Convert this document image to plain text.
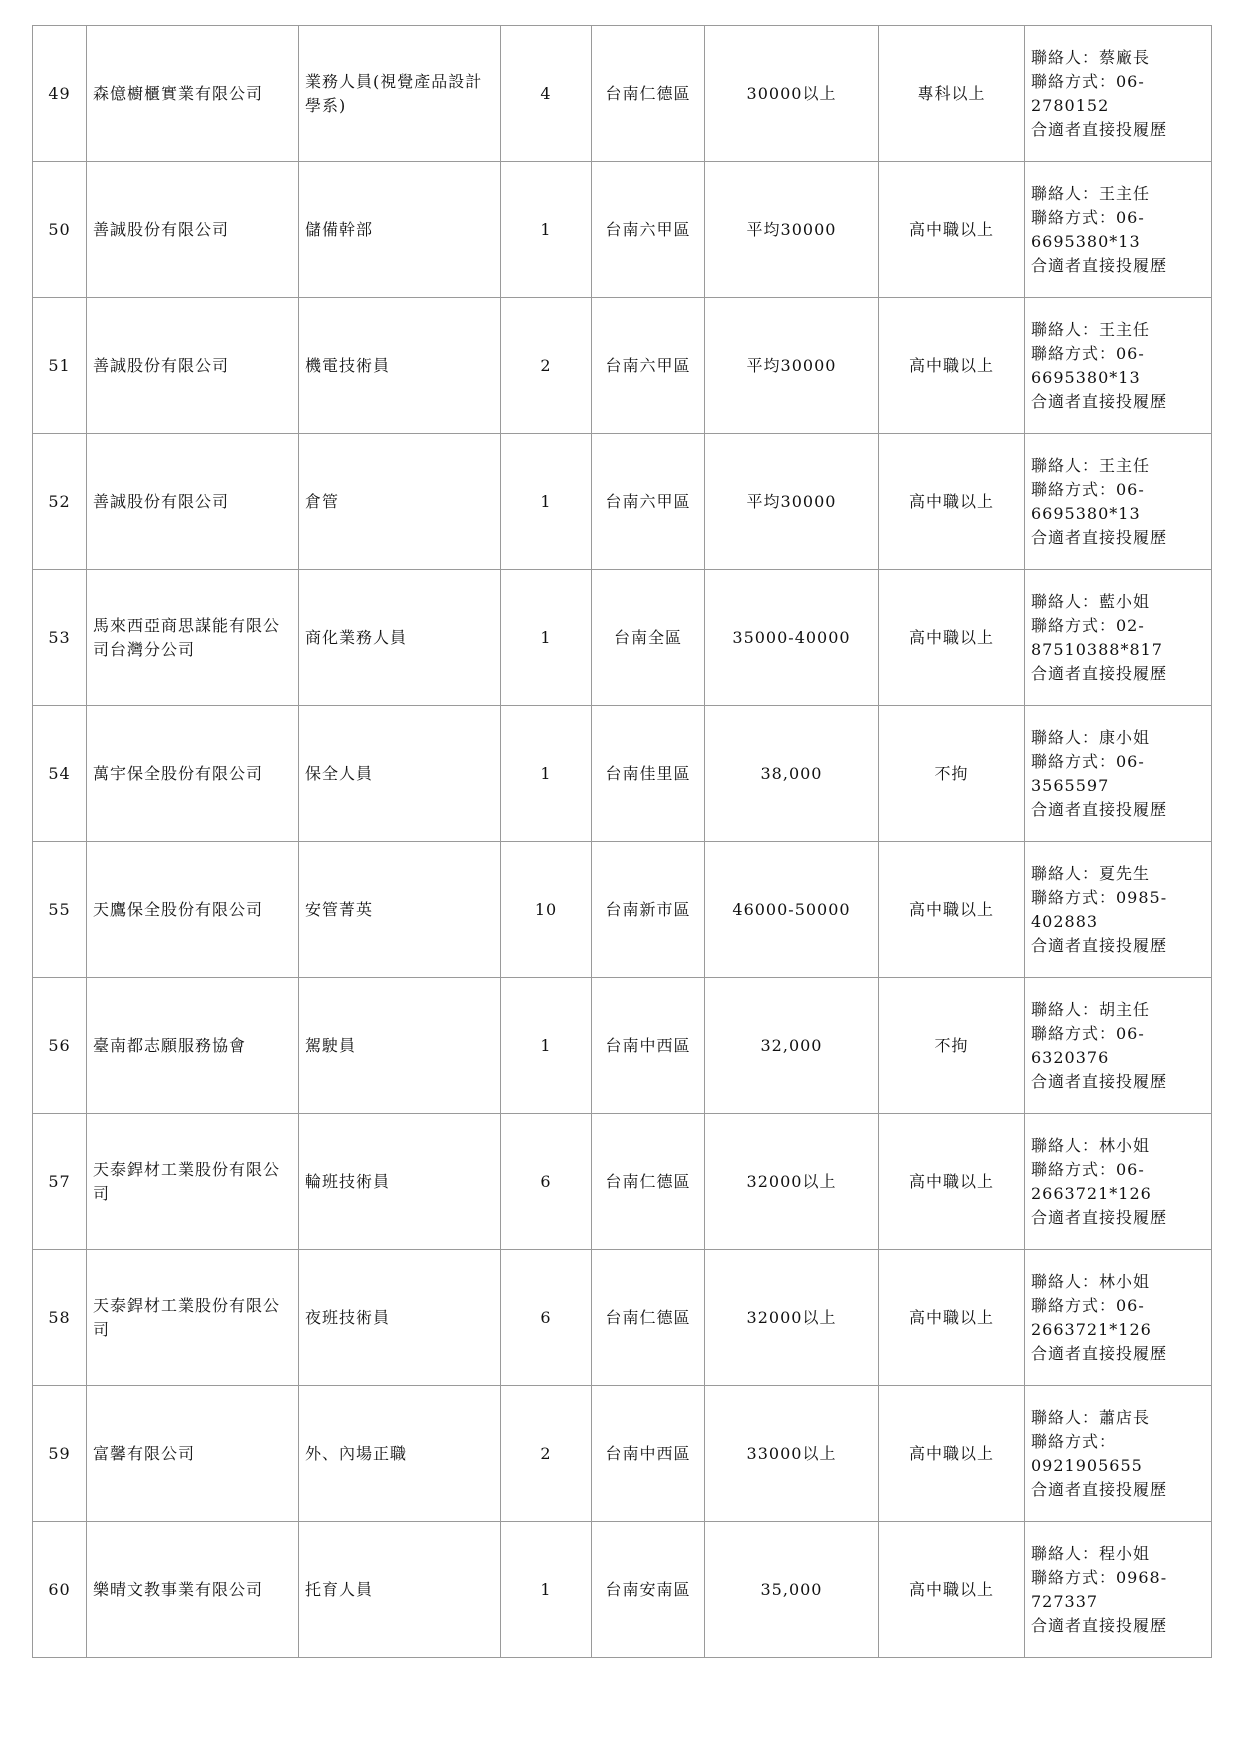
49	森億櫥櫃實業有限公司	業務人員(視覺產品設計學系)	4	台南仁德區	30000以上	專科以上	聯絡人：蔡廠長
聯絡方式：06-
2780152
合適者直接投履歷

50	善誠股份有限公司	儲備幹部	1	台南六甲區	平均30000	高中職以上	聯絡人：王主任
聯絡方式：06-
6695380*13
合適者直接投履歷

51	善誠股份有限公司	機電技術員	2	台南六甲區	平均30000	高中職以上	聯絡人：王主任
聯絡方式：06-
6695380*13
合適者直接投履歷

52	善誠股份有限公司	倉管	1	台南六甲區	平均30000	高中職以上	聯絡人：王主任
聯絡方式：06-
6695380*13
合適者直接投履歷

53	馬來西亞商思謀能有限公司台灣分公司	商化業務人員	1	台南全區	35000-40000	高中職以上	聯絡人：藍小姐
聯絡方式：02-
87510388*817
合適者直接投履歷

54	萬宇保全股份有限公司	保全人員	1	台南佳里區	38,000	不拘	聯絡人：康小姐
聯絡方式：06-
3565597
合適者直接投履歷

55	天鷹保全股份有限公司	安管菁英	10	台南新市區	46000-50000	高中職以上	聯絡人：夏先生
聯絡方式：0985-
402883
合適者直接投履歷

56	臺南都志願服務協會	駕駛員	1	台南中西區	32,000	不拘	聯絡人：胡主任
聯絡方式：06-
6320376
合適者直接投履歷

57	天泰銲材工業股份有限公司	輪班技術員	6	台南仁德區	32000以上	高中職以上	聯絡人：林小姐
聯絡方式：06-
2663721*126
合適者直接投履歷

58	天泰銲材工業股份有限公司	夜班技術員	6	台南仁德區	32000以上	高中職以上	聯絡人：林小姐
聯絡方式：06-
2663721*126
合適者直接投履歷

59	富馨有限公司	外、內場正職	2	台南中西區	33000以上	高中職以上	聯絡人：蕭店長
聯絡方式：
0921905655
合適者直接投履歷

60	樂晴文教事業有限公司	托育人員	1	台南安南區	35,000	高中職以上	聯絡人：程小姐
聯絡方式：0968-
727337
合適者直接投履歷
